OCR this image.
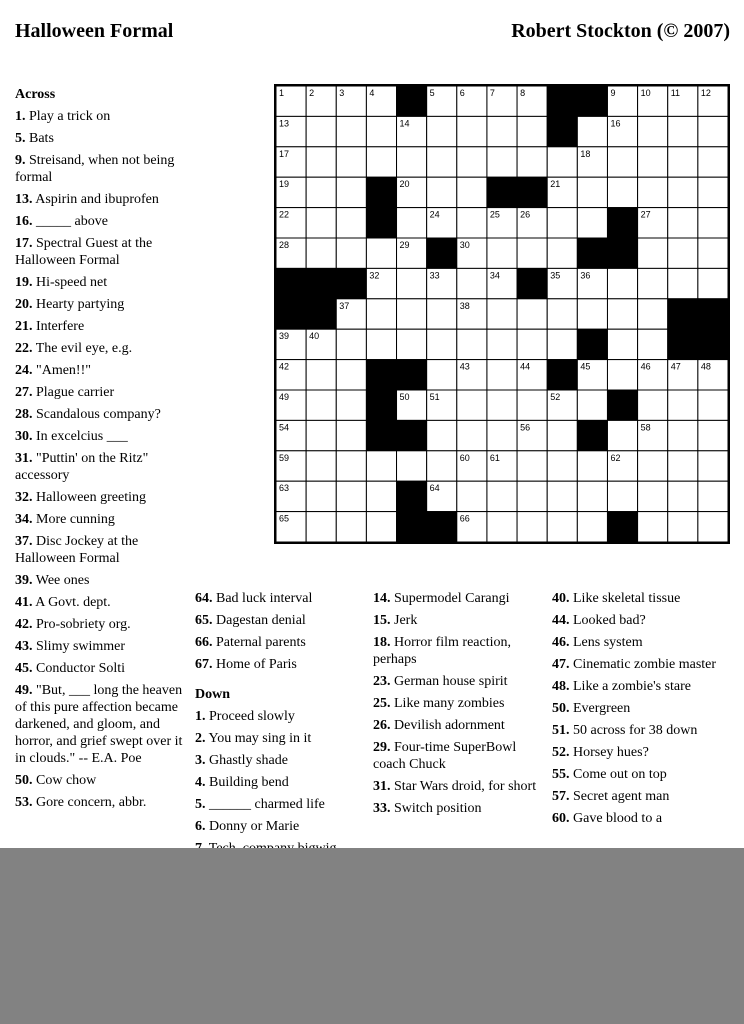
Halloween Formal	Robert Stockton (© 2007)
Across
1. Play a trick on
5. Bats
9. Streisand, when not being formal
13. Aspirin and ibuprofen
16. _____ above
17. Spectral Guest at the Halloween Formal
19. Hi-speed net
20. Hearty partying
21. Interfere
22. The evil eye, e.g.
24. "Amen!!"
27. Plague carrier
28. Scandalous company?
30. In excelcius ___
31. "Puttin' on the Ritz" accessory
32. Halloween greeting
34. More cunning
37. Disc Jockey at the Halloween Formal
39. Wee ones
41. A Govt. dept.
42. Pro-sobriety org.
43. Slimy swimmer
45. Conductor Solti
49. "But, ___ long the heaven of this pure affection became darkened, and gloom, and horror, and grief swept over it in clouds." -- E.A. Poe
50. Cow chow
53. Gore concern, abbr.
64. Bad luck interval
65. Dagestan denial
66. Paternal parents
67. Home of Paris
Down
1. Proceed slowly
2. You may sing in it
3. Ghastly shade
4. Building bend
5. ______ charmed life
6. Donny or Marie
14. Supermodel Carangi
15. Jerk
18. Horror film reaction, perhaps
23. German house spirit
25. Like many zombies
26. Devilish adornment
29. Four-time SuperBowl coach Chuck
31. Star Wars droid, for short
33. Switch position
40. Like skeletal tissue
44. Looked bad?
46. Lens system
47. Cinematic zombie master
48. Like a zombie's stare
50. Evergreen
51. 50 across for 38 down
52. Horsey hues?
55. Come out on top
57. Secret agent man
60. Gave blood to a
1	2	3	4	5	6	7	8	9	10 11 12
13	14	16
17	18
19	20	21
22	24	25 26	27
28	29	30
32	33	34	35 36
37	38
39 40
42	43	44	45	46 47 48
49	50 51	52
54	56	58
59	60 61	62
63	64
65	66
